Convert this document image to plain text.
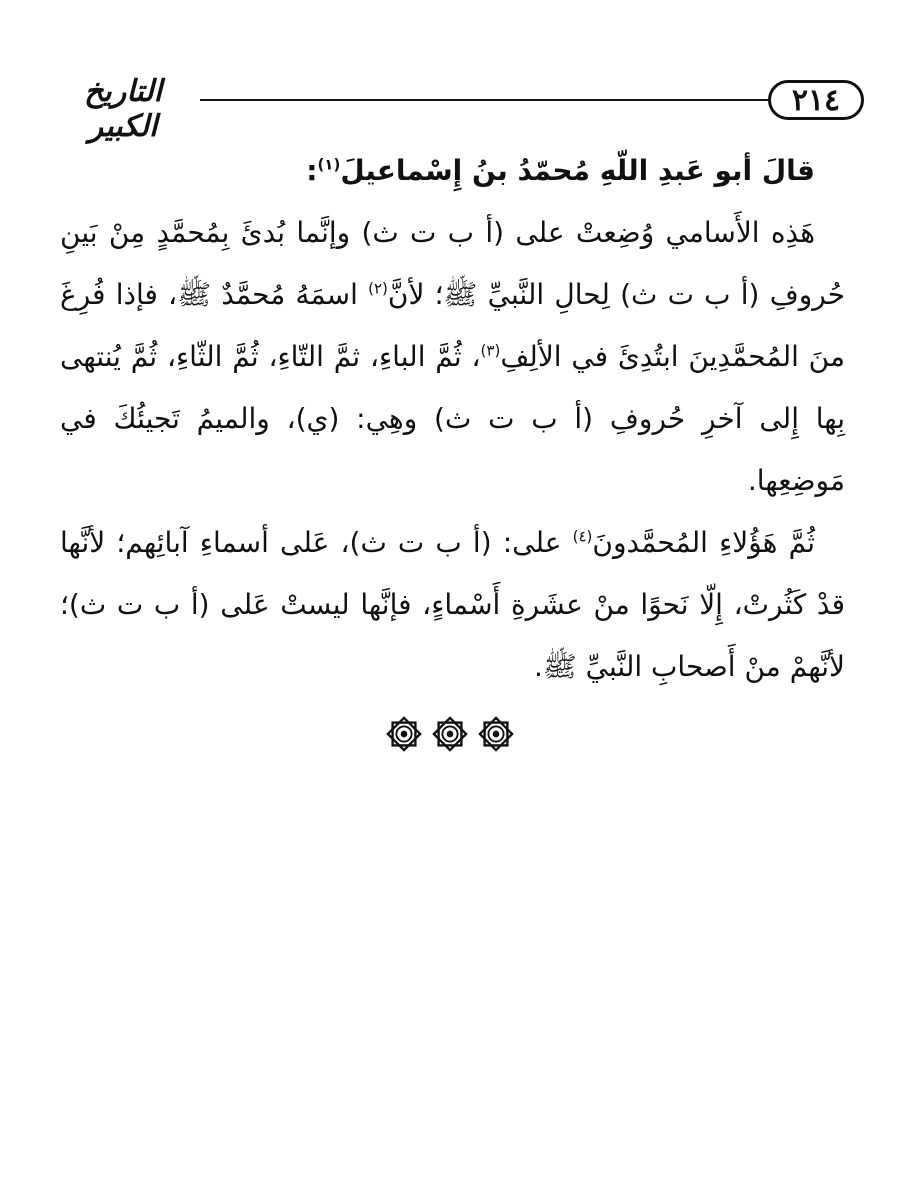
التاريخ الكبير
٢١٤

قالَ أبو عَبدِ اللّهِ مُحمّدُ بنُ إِسْماعيلَ$^{(١)}$:

هَذِه الأَسامي وُضِعتْ على (أ ب ت ث) وإنَّما بُدئَ بِمُحمَّدٍ مِنْ بَينِ حُروفِ (أ ب ت ث) لِحالِ النَّبيِّ ﷺ؛ لأنَّ$^{(٢)}$ اسمَهُ مُحمَّدٌ ﷺ، فإذا فُرِغَ منَ المُحمَّدِينَ ابتُدِئَ في الألِفِ$^{(٣)}$، ثُمَّ الباءِ، ثمَّ التّاءِ، ثُمَّ الثّاءِ، ثُمَّ يُنتهى بِها إِلى آخرِ حُروفِ (أ ب ت ث) وهِي: (ي)، والميمُ تَجيئُكَ في مَوضِعِها.

ثُمَّ هَؤُلاءِ المُحمَّدونَ$^{(٤)}$ على: (أ ب ت ث)، عَلى أسماءِ آبائِهم؛ لأنَّها قدْ كَثُرتْ، إِلّا نَحوًا منْ عشَرةِ أَسْماءٍ، فإنَّها ليستْ عَلى (أ ب ت ث)؛ لأنَّهمْ منْ أَصحابِ النَّبيِّ ﷺ.
